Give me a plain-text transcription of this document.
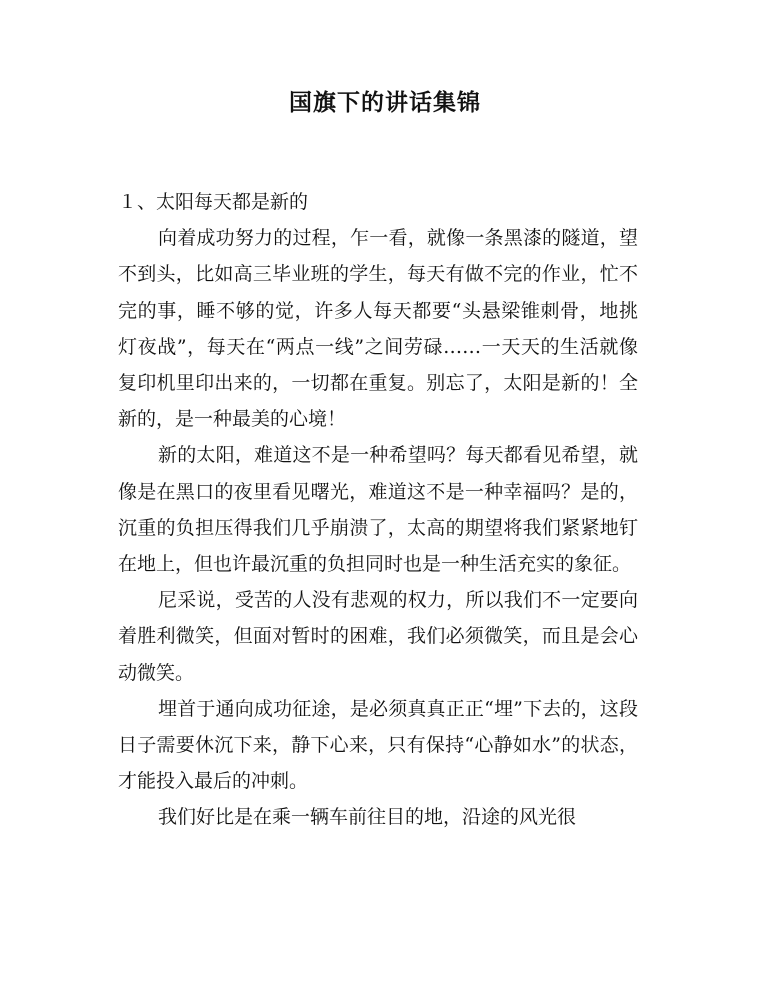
国旗下的讲话集锦

１、太阳每天都是新的

向着成功努力的过程，乍一看，就像一条黑漆的隧道，望不到头，比如高三毕业班的学生，每天有做不完的作业，忙不完的事，睡不够的觉，许多人每天都要“头悬梁锥刺骨，地挑灯夜战”，每天在“两点一线”之间劳碌……一天天的生活就像复印机里印出来的，一切都在重复。别忘了，太阳是新的！全新的，是一种最美的心境！

新的太阳，难道这不是一种希望吗？每天都看见希望，就像是在黑口的夜里看见曙光，难道这不是一种幸福吗？是的，沉重的负担压得我们几乎崩溃了，太高的期望将我们紧紧地钉在地上，但也许最沉重的负担同时也是一种生活充实的象征。

尼采说，受苦的人没有悲观的权力，所以我们不一定要向着胜利微笑，但面对暂时的困难，我们必须微笑，而且是会心动微笑。

埋首于通向成功征途，是必须真真正正“埋”下去的，这段日子需要休沉下来，静下心来，只有保持“心静如水”的状态，才能投入最后的冲刺。

我们好比是在乘一辆车前往目的地，沿途的风光很
